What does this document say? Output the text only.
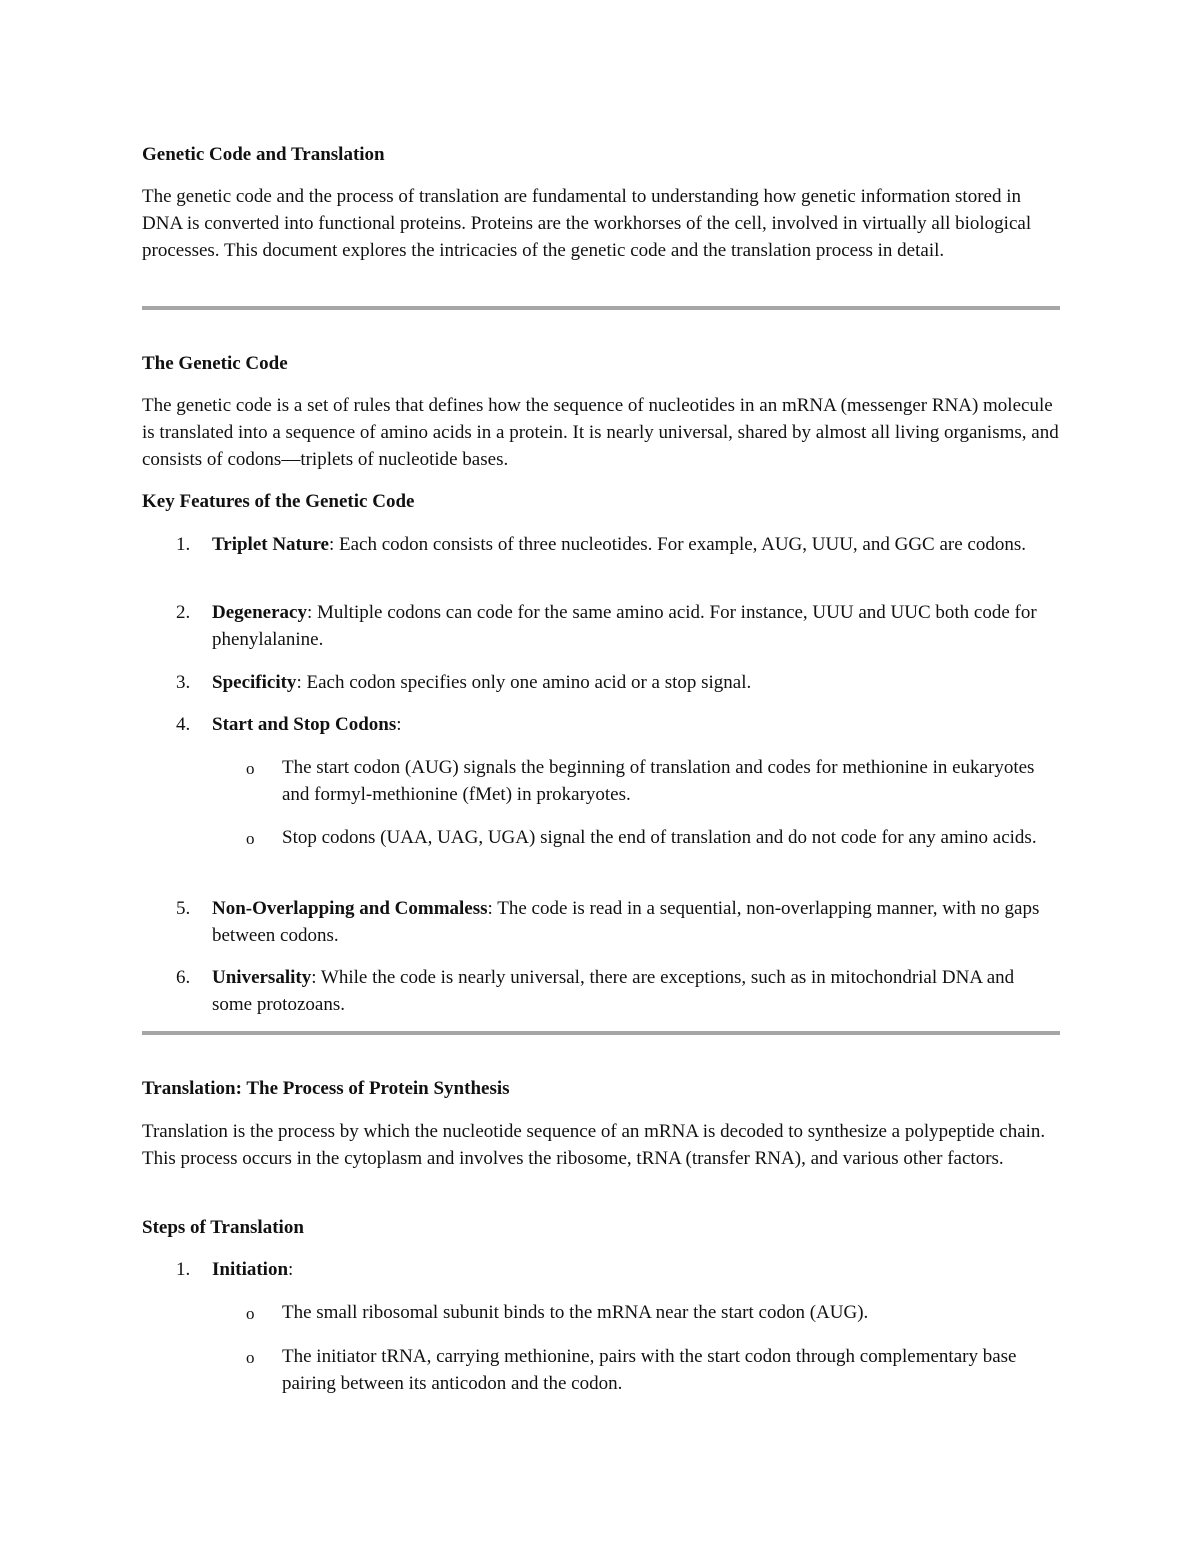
Genetic Code and Translation
The genetic code and the process of translation are fundamental to understanding how genetic information stored in DNA is converted into functional proteins. Proteins are the workhorses of the cell, involved in virtually all biological processes. This document explores the intricacies of the genetic code and the translation process in detail.
The Genetic Code
The genetic code is a set of rules that defines how the sequence of nucleotides in an mRNA (messenger RNA) molecule is translated into a sequence of amino acids in a protein. It is nearly universal, shared by almost all living organisms, and consists of codons—triplets of nucleotide bases.
Key Features of the Genetic Code
1. Triplet Nature: Each codon consists of three nucleotides. For example, AUG, UUU, and GGC are codons.
2. Degeneracy: Multiple codons can code for the same amino acid. For instance, UUU and UUC both code for phenylalanine.
3. Specificity: Each codon specifies only one amino acid or a stop signal.
4. Start and Stop Codons:
o The start codon (AUG) signals the beginning of translation and codes for methionine in eukaryotes and formyl-methionine (fMet) in prokaryotes.
o Stop codons (UAA, UAG, UGA) signal the end of translation and do not code for any amino acids.
5. Non-Overlapping and Commaless: The code is read in a sequential, non-overlapping manner, with no gaps between codons.
6. Universality: While the code is nearly universal, there are exceptions, such as in mitochondrial DNA and some protozoans.
Translation: The Process of Protein Synthesis
Translation is the process by which the nucleotide sequence of an mRNA is decoded to synthesize a polypeptide chain. This process occurs in the cytoplasm and involves the ribosome, tRNA (transfer RNA), and various other factors.
Steps of Translation
1. Initiation:
o The small ribosomal subunit binds to the mRNA near the start codon (AUG).
o The initiator tRNA, carrying methionine, pairs with the start codon through complementary base pairing between its anticodon and the codon.
